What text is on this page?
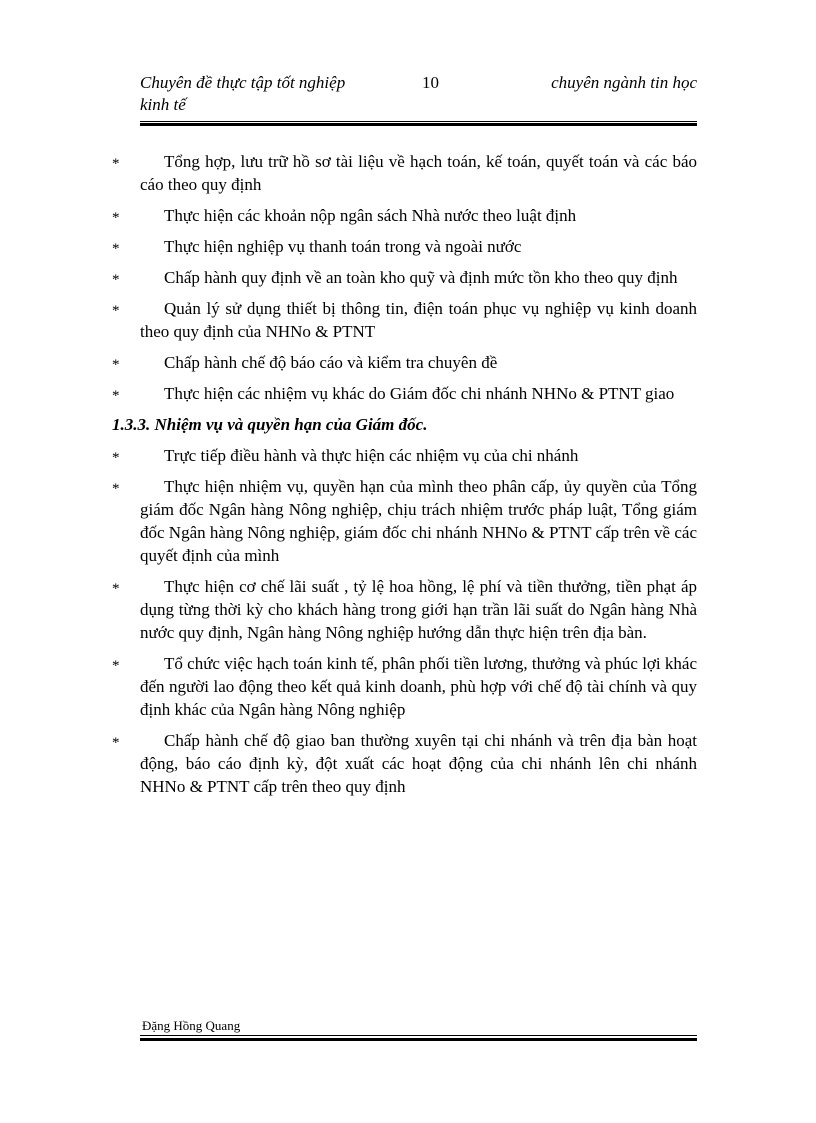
Chuyên đề thực tập tốt nghiệp
kinh tế
10	chuyên ngành tin học
*	Tổng hợp, lưu trữ hồ sơ tài liệu về hạch toán, kế toán, quyết toán và các báo cáo theo quy định
*	Thực hiện các khoản nộp ngân sách Nhà nước theo luật định
*	Thực hiện nghiệp vụ thanh toán trong và ngoài nước
*	Chấp hành quy định về an toàn kho quỹ và định mức tồn kho theo quy định
*	Quản lý sử dụng thiết bị thông tin, điện toán phục vụ nghiệp vụ kinh doanh theo quy định của NHNo & PTNT
*	Chấp hành chế độ báo cáo và kiểm tra chuyên đề
*	Thực hiện các nhiệm vụ khác do Giám đốc chi nhánh NHNo & PTNT giao
1.3.3. Nhiệm vụ và quyền hạn của Giám đốc.
*	Trực tiếp điều hành và thực hiện các nhiệm vụ của chi nhánh
*	Thực hiện nhiệm vụ, quyền hạn của mình theo phân cấp, ủy quyền của Tổng giám đốc Ngân hàng Nông nghiệp, chịu trách nhiệm trước pháp luật, Tổng giám đốc Ngân hàng Nông nghiệp, giám đốc chi nhánh NHNo & PTNT cấp trên về các quyết định của mình
*	Thực hiện cơ chế lãi suất , tỷ lệ hoa hồng, lệ phí và tiền thưởng, tiền phạt áp dụng từng thời kỳ cho khách hàng trong giới hạn trần lãi suất do Ngân hàng Nhà nước quy định, Ngân hàng Nông nghiệp hướng dẫn thực hiện trên địa bàn.
*	Tổ chức việc hạch toán kinh tế, phân phối tiền lương, thưởng và phúc lợi khác đến người lao động theo kết quả kinh doanh, phù hợp với chế độ tài chính và quy định khác của Ngân hàng Nông nghiệp
*	Chấp hành chế độ giao ban thường xuyên tại chi nhánh và trên địa bàn hoạt động, báo cáo định kỳ, đột xuất các hoạt động của chi nhánh lên chi nhánh NHNo & PTNT cấp trên theo quy định
Đặng Hồng Quang
